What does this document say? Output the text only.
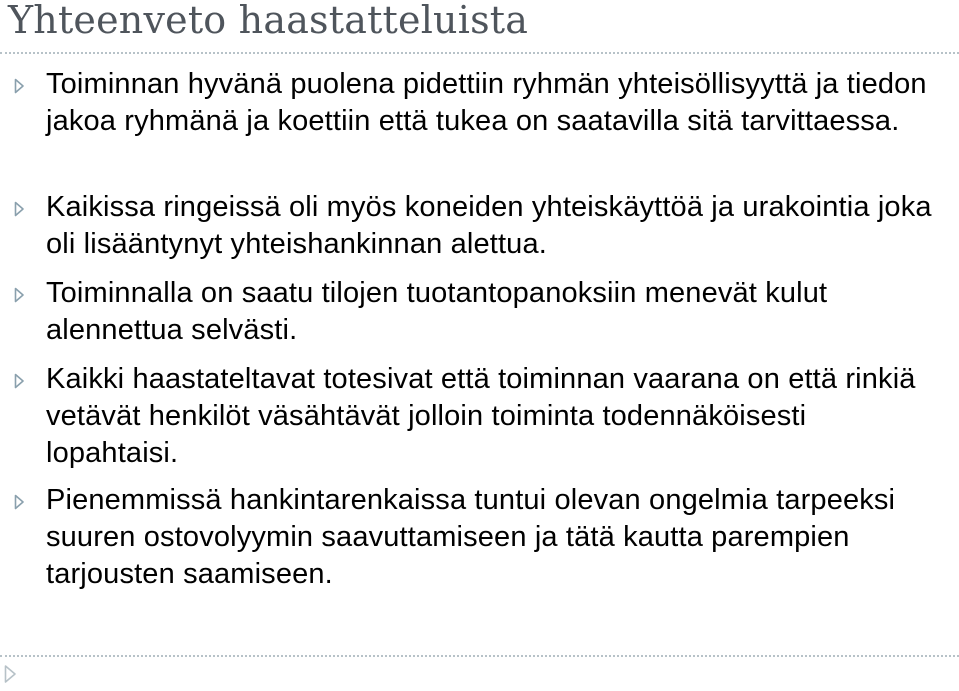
Yhteenveto haastatteluista

Toiminnan hyvänä puolena pidettiin ryhmän yhteisöllisyyttä ja tiedon jakoa ryhmänä ja koettiin että tukea on saatavilla sitä tarvittaessa.

Kaikissa ringeissä oli myös koneiden yhteiskäyttöä ja urakointia joka oli lisääntynyt yhteishankinnan alettua.

Toiminnalla on saatu tilojen tuotantopanoksiin menevät kulut alennettua selvästi.

Kaikki haastateltavat totesivat että toiminnan vaarana on että rinkiä vetävät henkilöt väsähtävät jolloin toiminta todennäköisesti lopahtaisi.

Pienemmissä hankintarenkaissa tuntui olevan ongelmia tarpeeksi suuren ostovolyymin saavuttamiseen ja tätä kautta parempien tarjousten saamiseen.
